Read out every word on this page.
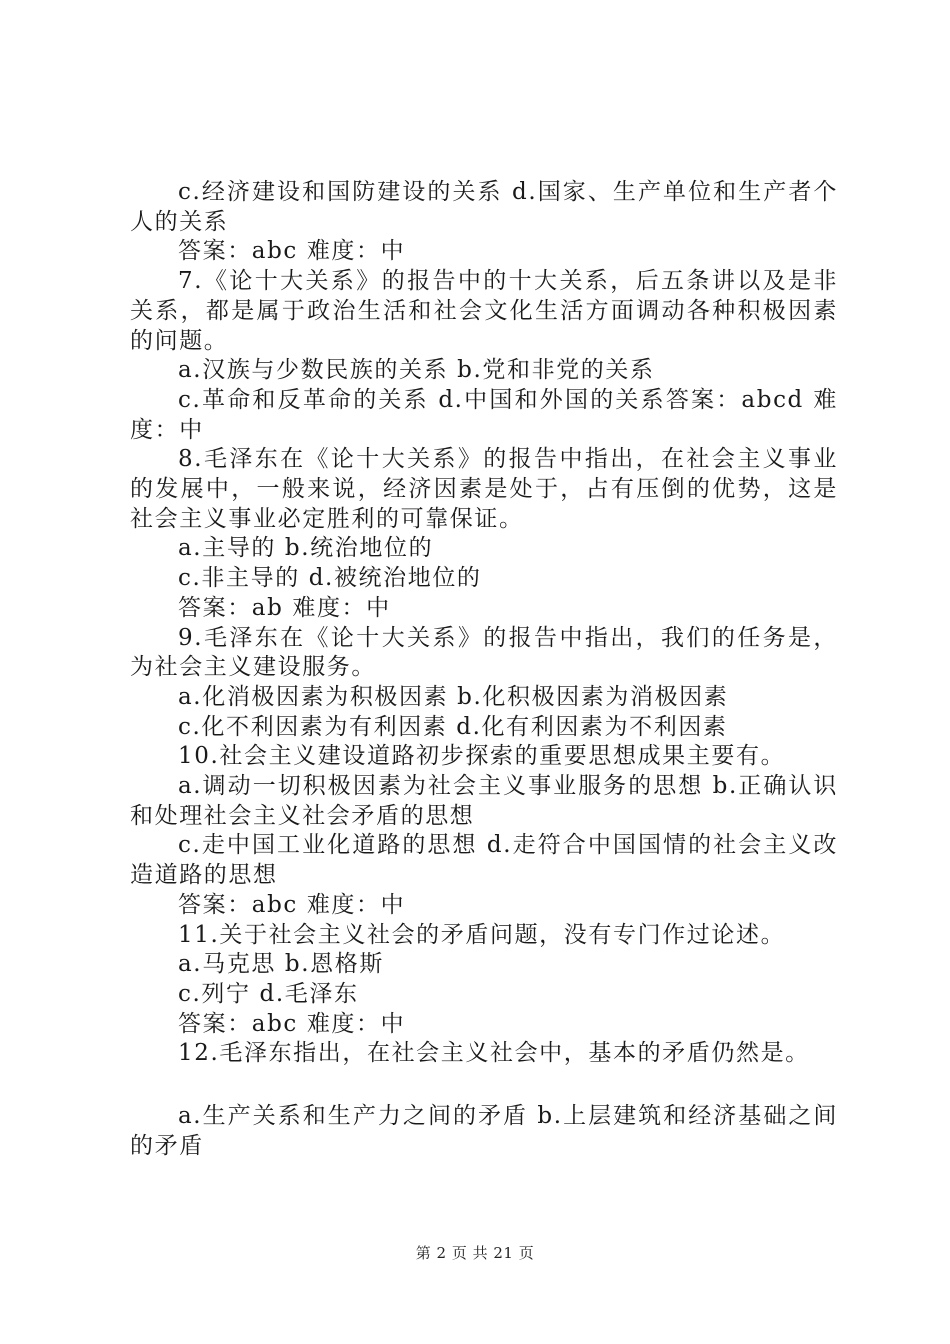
c.经济建设和国防建设的关系 d.国家、生产单位和生产者个人的关系

答案：abc 难度：中

7.《论十大关系》的报告中的十大关系，后五条讲以及是非关系，都是属于政治生活和社会文化生活方面调动各种积极因素的问题。

a.汉族与少数民族的关系 b.党和非党的关系

c.革命和反革命的关系 d.中国和外国的关系答案：abcd 难度：中

8.毛泽东在《论十大关系》的报告中指出，在社会主义事业的发展中，一般来说，经济因素是处于，占有压倒的优势，这是社会主义事业必定胜利的可靠保证。

a.主导的 b.统治地位的

c.非主导的 d.被统治地位的

答案：ab 难度：中

9.毛泽东在《论十大关系》的报告中指出，我们的任务是，为社会主义建设服务。

a.化消极因素为积极因素 b.化积极因素为消极因素

c.化不利因素为有利因素 d.化有利因素为不利因素

10.社会主义建设道路初步探索的重要思想成果主要有。

a.调动一切积极因素为社会主义事业服务的思想 b.正确认识和处理社会主义社会矛盾的思想

c.走中国工业化道路的思想 d.走符合中国国情的社会主义改造道路的思想

答案：abc 难度：中

11.关于社会主义社会的矛盾问题，没有专门作过论述。

a.马克思 b.恩格斯

c.列宁 d.毛泽东

答案：abc 难度：中

12.毛泽东指出，在社会主义社会中，基本的矛盾仍然是。

a.生产关系和生产力之间的矛盾 b.上层建筑和经济基础之间的矛盾

第 2 页 共 21 页
